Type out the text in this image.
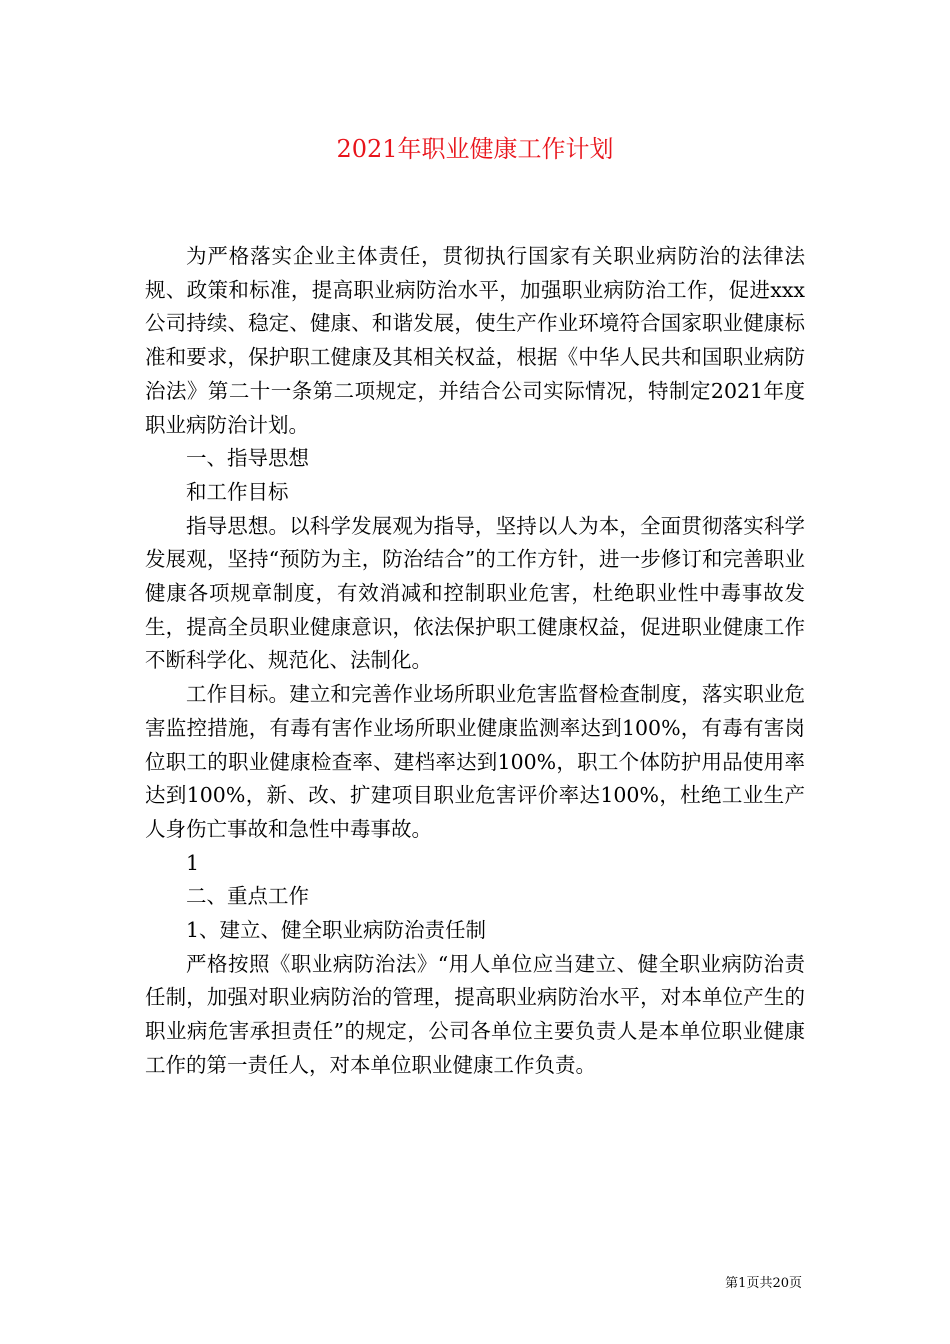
2021年职业健康工作计划

为严格落实企业主体责任，贯彻执行国家有关职业病防治的法律法规、政策和标准，提高职业病防治水平，加强职业病防治工作，促进xxx公司持续、稳定、健康、和谐发展，使生产作业环境符合国家职业健康标准和要求，保护职工健康及其相关权益，根据《中华人民共和国职业病防治法》第二十一条第二项规定，并结合公司实际情况，特制定2021年度职业病防治计划。

一、指导思想

和工作目标

指导思想。以科学发展观为指导，坚持以人为本，全面贯彻落实科学发展观，坚持“预防为主，防治结合”的工作方针，进一步修订和完善职业健康各项规章制度，有效消减和控制职业危害，杜绝职业性中毒事故发生，提高全员职业健康意识，依法保护职工健康权益，促进职业健康工作不断科学化、规范化、法制化。

工作目标。建立和完善作业场所职业危害监督检查制度，落实职业危害监控措施，有毒有害作业场所职业健康监测率达到100%，有毒有害岗位职工的职业健康检查率、建档率达到100%，职工个体防护用品使用率达到100%，新、改、扩建项目职业危害评价率达100%，杜绝工业生产人身伤亡事故和急性中毒事故。

1

二、重点工作

1、建立、健全职业病防治责任制

严格按照《职业病防治法》“用人单位应当建立、健全职业病防治责任制，加强对职业病防治的管理，提高职业病防治水平，对本单位产生的职业病危害承担责任”的规定，公司各单位主要负责人是本单位职业健康工作的第一责任人，对本单位职业健康工作负责。

第1页共20页
